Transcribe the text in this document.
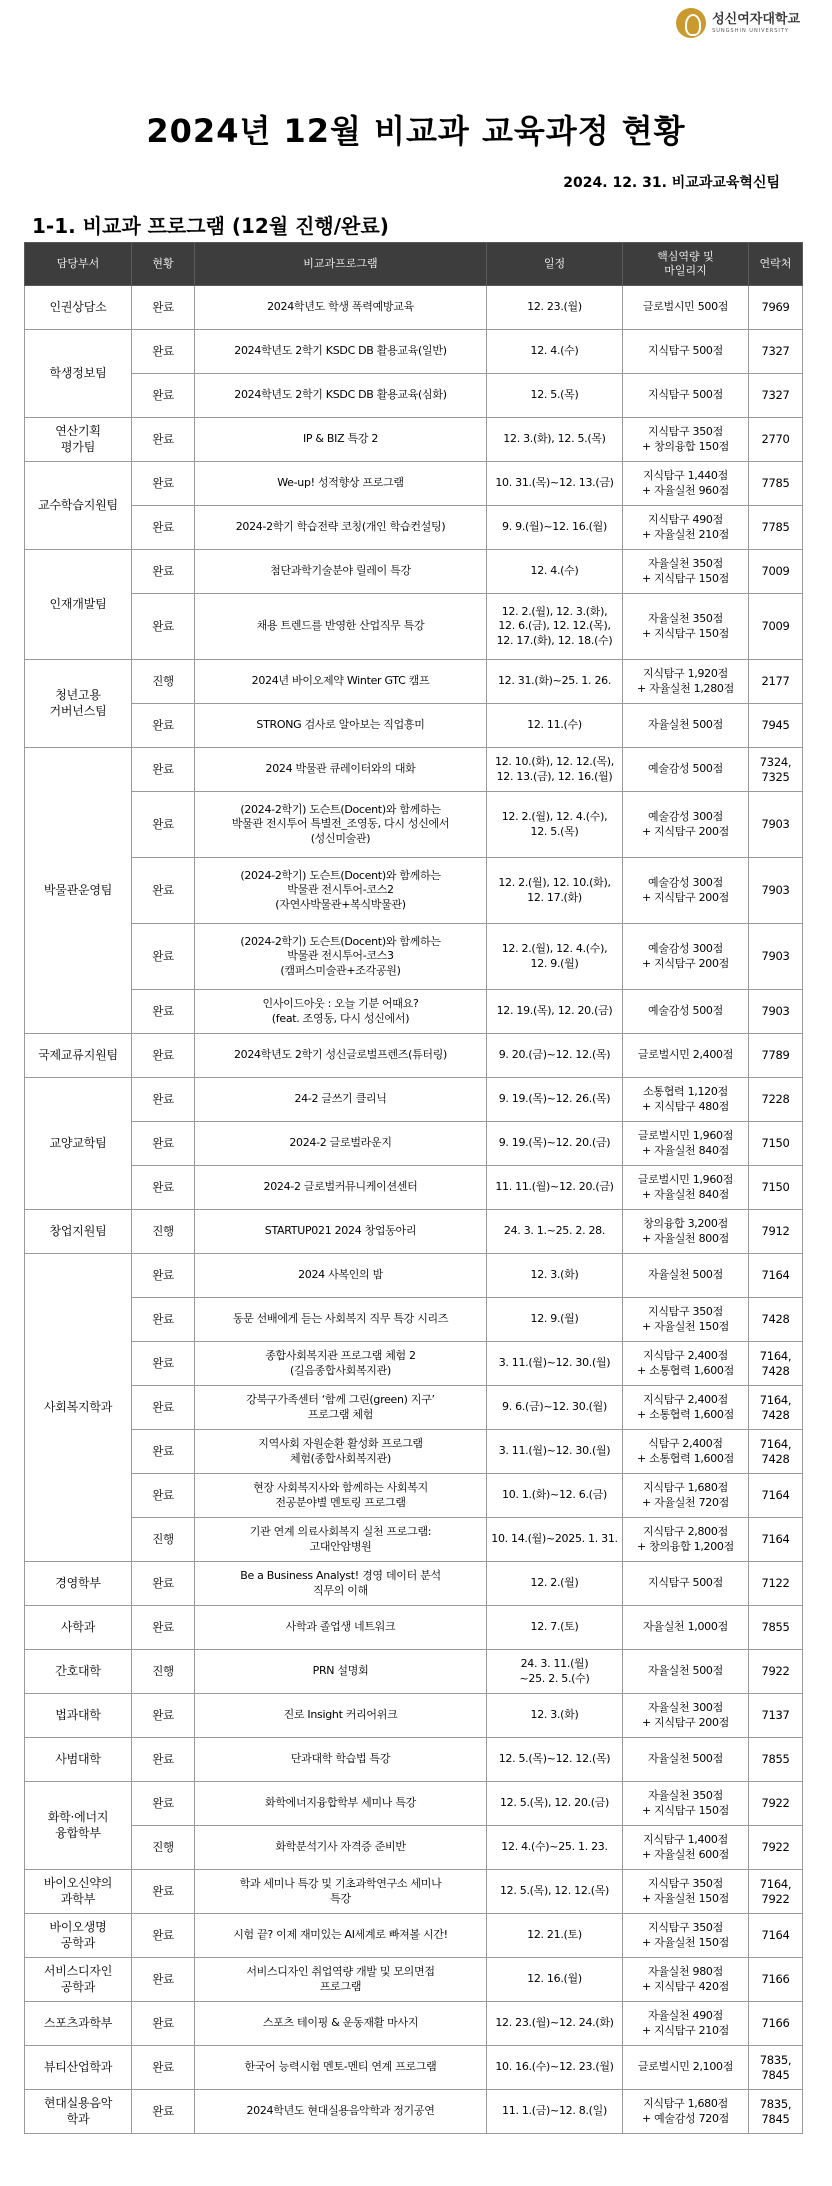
성신여자대학교
SUNGSHIN UNIVERSITY
2024년 12월 비교과 교육과정 현황
2024. 12. 31. 비교과교육혁신팀
1-1. 비교과 프로그램 (12월 진행/완료)
담당부서	현황	비교과프로그램	일정	핵심역량 및
마일리지	연락처
인권상담소	완료	2024학년도 학생 폭력예방교육	12. 23.(월)	글로벌시민 500점	7969
학생정보팀	완료	2024학년도 2학기 KSDC DB 활용교육(일반)	12. 4.(수)	지식탐구 500점	7327
	완료	2024학년도 2학기 KSDC DB 활용교육(심화)	12. 5.(목)	지식탐구 500점	7327
연산기획
평가팀	완료	IP & BIZ 특강 2	12. 3.(화), 12. 5.(목)	지식탐구 350점
+ 창의융합 150점	2770
교수학습지원팀	완료	We-up! 성적향상 프로그램	10. 31.(목)~12. 13.(금)	지식탐구 1,440점
+ 자율실천 960점	7785
	완료	2024-2학기 학습전략 코칭(개인 학습컨설팅)	9. 9.(월)~12. 16.(월)	지식탐구 490점
+ 자율실천 210점	7785
인재개발팀	완료	첨단과학기술분야 릴레이 특강	12. 4.(수)	자율실천 350점
+ 지식탐구 150점	7009
	완료	채용 트렌드를 반영한 산업직무 특강	12. 2.(월), 12. 3.(화),
12. 6.(금), 12. 12.(목),
12. 17.(화), 12. 18.(수)	자율실천 350점
+ 지식탐구 150점	7009
청년고용
거버넌스팀	진행	2024년 바이오제약 Winter GTC 캠프	12. 31.(화)~25. 1. 26.	지식탐구 1,920점
+ 자율실천 1,280점	2177
	완료	STRONG 검사로 알아보는 직업흥미	12. 11.(수)	자율실천 500점	7945
박물관운영팀	완료	2024 박물관 큐레이터와의 대화	12. 10.(화), 12. 12.(목),
12. 13.(금), 12. 16.(월)	예술감성 500점	7324,
7325
	완료	(2024-2학기) 도슨트(Docent)와 함께하는
박물관 전시투어 특별전_조영동, 다시 성신에서
(성신미술관)	12. 2.(월), 12. 4.(수),
12. 5.(목)	예술감성 300점
+ 지식탐구 200점	7903
	완료	(2024-2학기) 도슨트(Docent)와 함께하는
박물관 전시투어-코스2
(자연사박물관+복식박물관)	12. 2.(월), 12. 10.(화),
12. 17.(화)	예술감성 300점
+ 지식탐구 200점	7903
	완료	(2024-2학기) 도슨트(Docent)와 함께하는
박물관 전시투어-코스3
(캠퍼스미술관+조각공원)	12. 2.(월), 12. 4.(수),
12. 9.(월)	예술감성 300점
+ 지식탐구 200점	7903
	완료	인사이드아웃 : 오늘 기분 어때요?
(feat. 조영동, 다시 성신에서)	12. 19.(목), 12. 20.(금)	예술감성 500점	7903
국제교류지원팀	완료	2024학년도 2학기 성신글로벌프렌즈(튜터링)	9. 20.(금)~12. 12.(목)	글로벌시민 2,400점	7789
교양교학팀	완료	24-2 글쓰기 클리닉	9. 19.(목)~12. 26.(목)	소통협력 1,120점
+ 지식탐구 480점	7228
	완료	2024-2 글로벌라운지	9. 19.(목)~12. 20.(금)	글로벌시민 1,960점
+ 자율실천 840점	7150
	완료	2024-2 글로벌커뮤니케이션센터	11. 11.(월)~12. 20.(금)	글로벌시민 1,960점
+ 자율실천 840점	7150
창업지원팀	진행	STARTUP021 2024 창업동아리	24. 3. 1.~25. 2. 28.	창의융합 3,200점
+ 자율실천 800점	7912
사회복지학과	완료	2024 사복인의 밤	12. 3.(화)	자율실천 500점	7164
	완료	동문 선배에게 듣는 사회복지 직무 특강 시리즈	12. 9.(월)	지식탐구 350점
+ 자율실천 150점	7428
	완료	종합사회복지관 프로그램 체험 2
(길음종합사회복지관)	3. 11.(월)~12. 30.(월)	지식탐구 2,400점
+ 소통협력 1,600점	7164,
7428
	완료	강북구가족센터 ‘함께 그린(green) 지구’
프로그램 체험	9. 6.(금)~12. 30.(월)	지식탐구 2,400점
+ 소통협력 1,600점	7164,
7428
	완료	지역사회 자원순환 활성화 프로그램
체험(종합사회복지관)	3. 11.(월)~12. 30.(월)	식탐구 2,400점
+ 소통협력 1,600점	7164,
7428
	완료	현장 사회복지사와 함께하는 사회복지
전공분야별 멘토링 프로그램	10. 1.(화)~12. 6.(금)	지식탐구 1,680점
+ 자율실천 720점	7164
	진행	기관 연계 의료사회복지 실천 프로그램:
고대안암병원	10. 14.(월)~2025. 1. 31.	지식탐구 2,800점
+ 창의융합 1,200점	7164
경영학부	완료	Be a Business Analyst! 경영 데이터 분석
직무의 이해	12. 2.(월)	지식탐구 500점	7122
사학과	완료	사학과 졸업생 네트워크	12. 7.(토)	자율실천 1,000점	7855
간호대학	진행	PRN 설명회	24. 3. 11.(월)
~25. 2. 5.(수)	자율실천 500점	7922
법과대학	완료	진로 Insight 커리어위크	12. 3.(화)	자율실천 300점
+ 지식탐구 200점	7137
사범대학	완료	단과대학 학습법 특강	12. 5.(목)~12. 12.(목)	자율실천 500점	7855
화학·에너지
융합학부	완료	화학에너지융합학부 세미나 특강	12. 5.(목), 12. 20.(금)	자율실천 350점
+ 지식탐구 150점	7922
	진행	화학분석기사 자격증 준비반	12. 4.(수)~25. 1. 23.	지식탐구 1,400점
+ 자율실천 600점	7922
바이오신약의
과학부	완료	학과 세미나 특강 및 기초과학연구소 세미나
특강	12. 5.(목), 12. 12.(목)	지식탐구 350점
+ 자율실천 150점	7164,
7922
바이오생명
공학과	완료	시험 끝? 이제 재미있는 AI세계로 빠져볼 시간!	12. 21.(토)	지식탐구 350점
+ 자율실천 150점	7164
서비스디자인
공학과	완료	서비스디자인 취업역량 개발 및 모의면접
프로그램	12. 16.(월)	자율실천 980점
+ 지식탐구 420점	7166
스포츠과학부	완료	스포츠 테이핑 & 운동재활 마사지	12. 23.(월)~12. 24.(화)	자율실천 490점
+ 지식탐구 210점	7166
뷰티산업학과	완료	한국어 능력시험 멘토-멘티 연계 프로그램	10. 16.(수)~12. 23.(월)	글로벌시민 2,100점	7835,
7845
현대실용음악
학과	완료	2024학년도 현대실용음악학과 정기공연	11. 1.(금)~12. 8.(일)	지식탐구 1,680점
+ 예술감성 720점	7835,
7845
